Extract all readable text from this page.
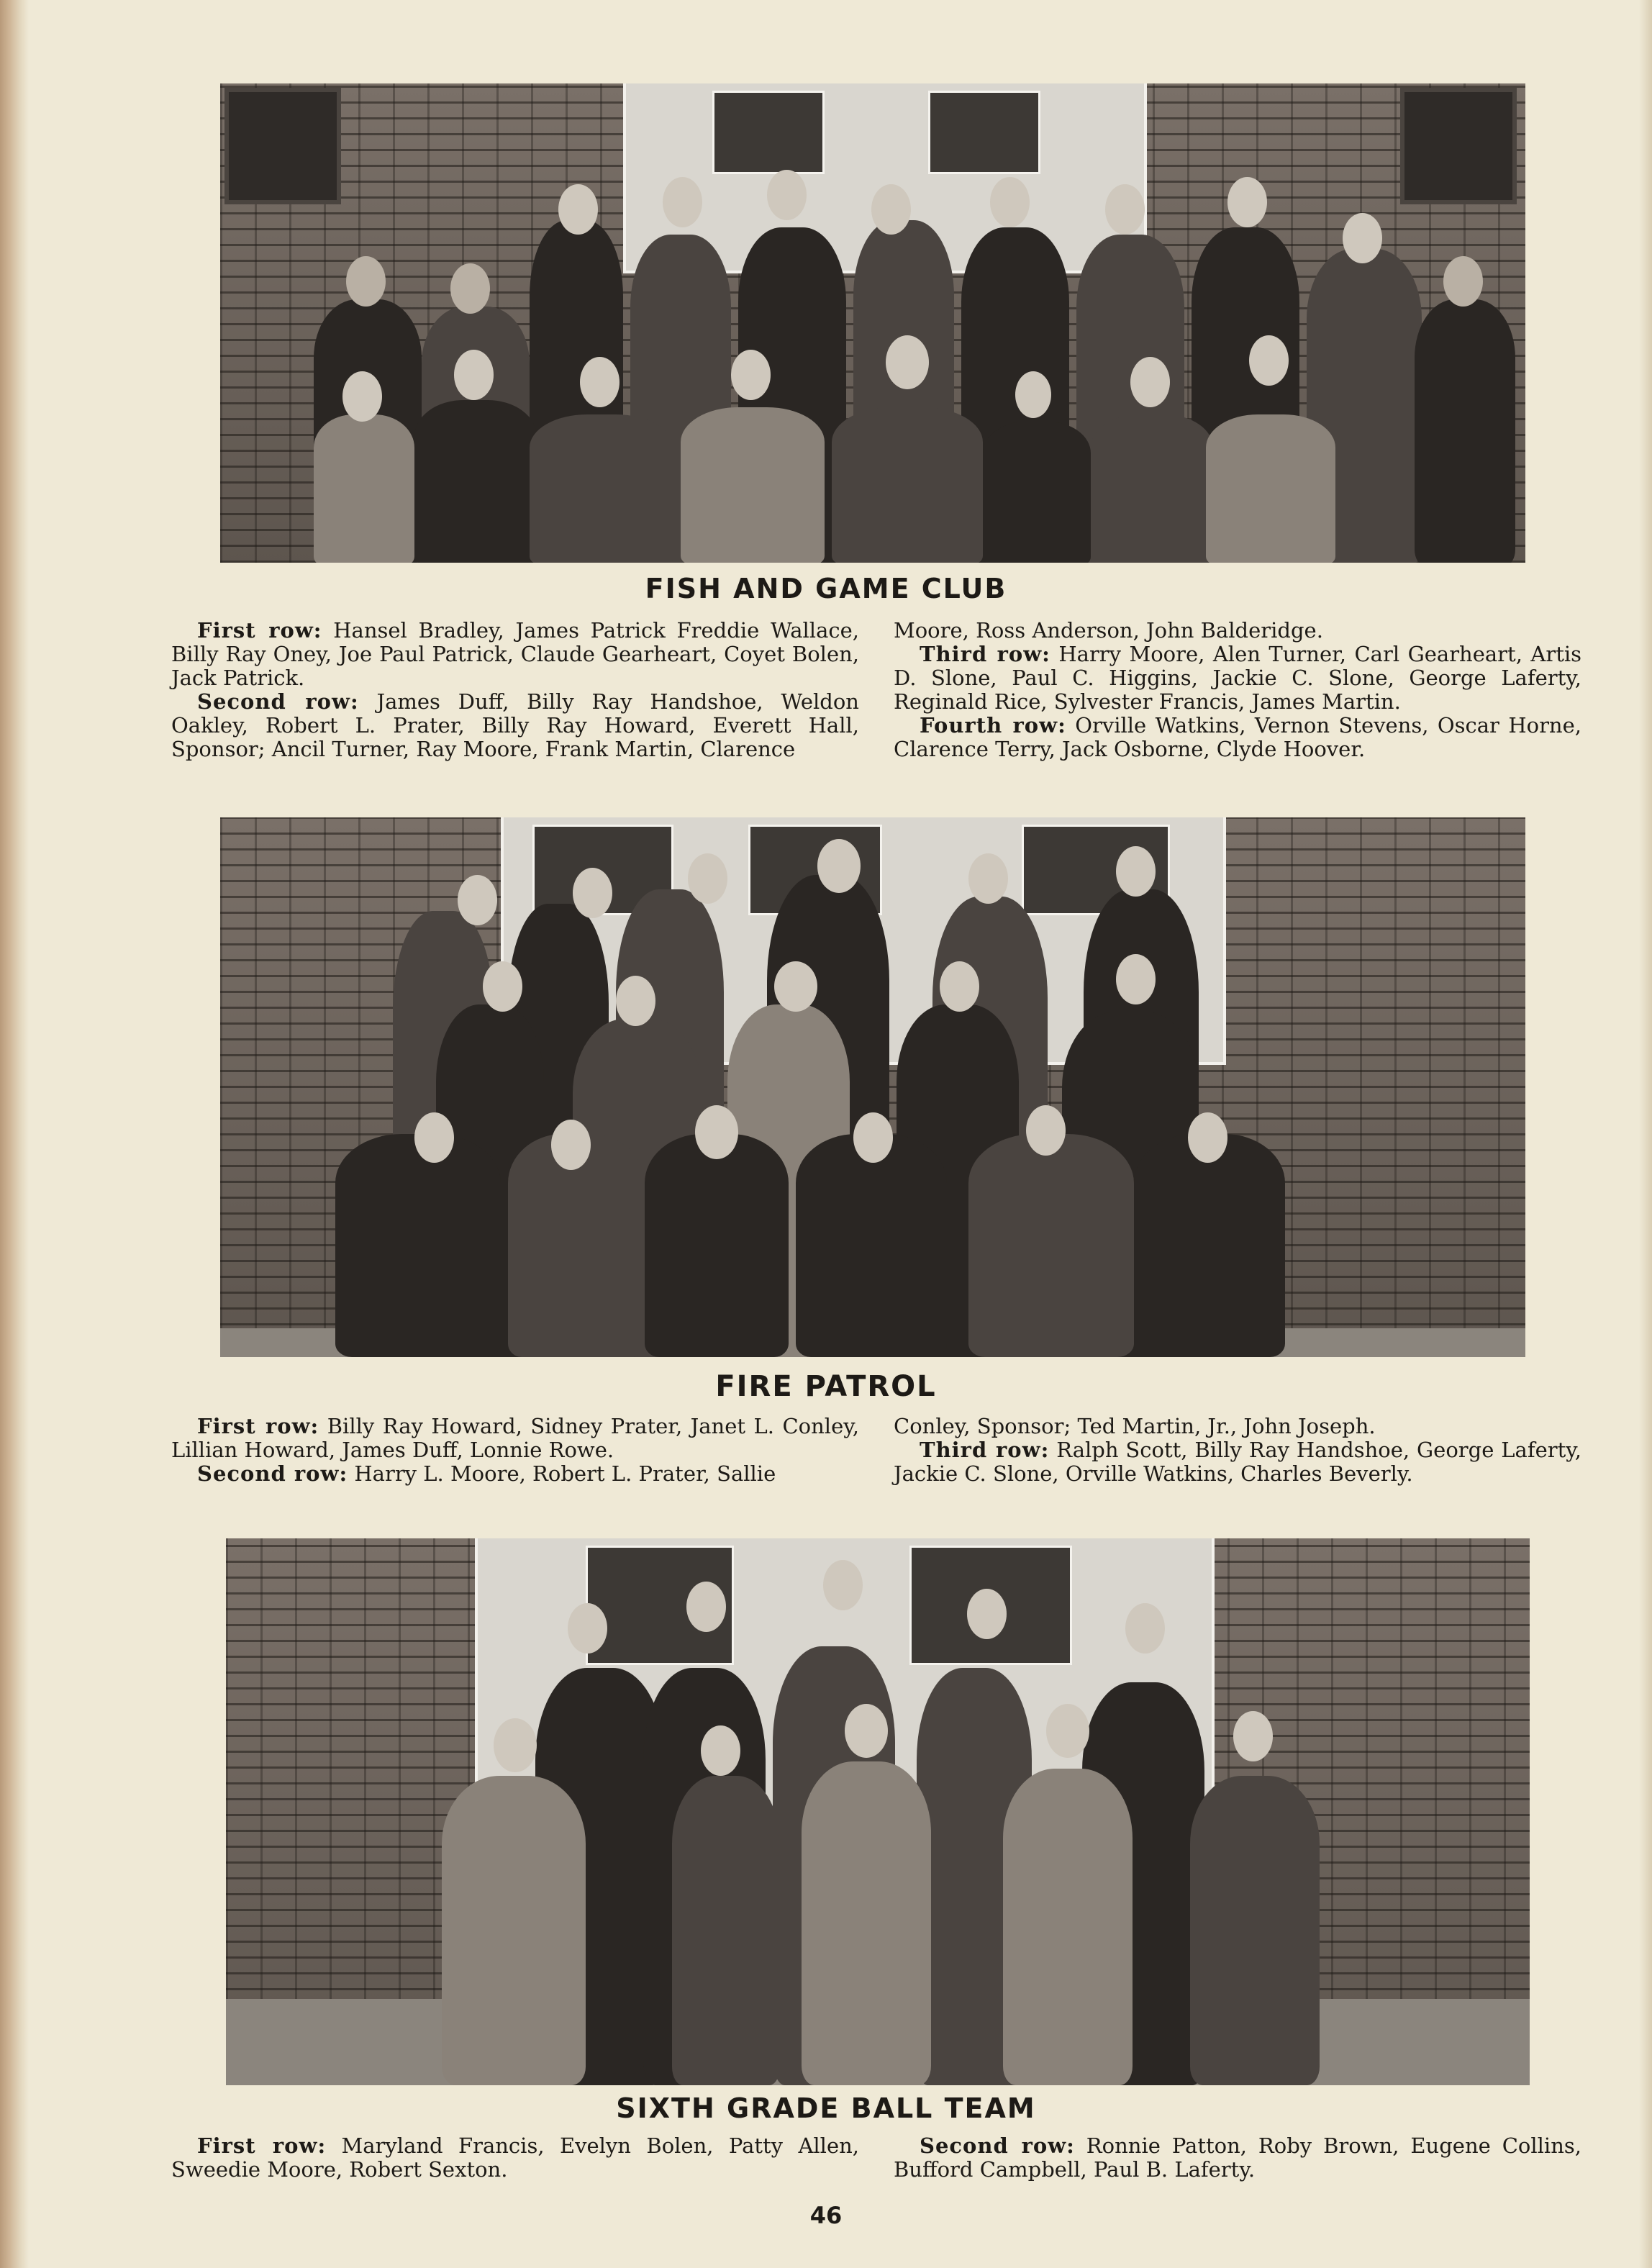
FISH AND GAME CLUB

First row: Hansel Bradley, James Patrick Freddie Wallace, Billy Ray Oney, Joe Paul Patrick, Claude Gearheart, Coyet Bolen, Jack Patrick.

Second row: James Duff, Billy Ray Handshoe, Weldon Oakley, Robert L. Prater, Billy Ray Howard, Everett Hall, Sponsor; Ancil Turner, Ray Moore, Frank Martin, Clarence

Moore, Ross Anderson, John Balderidge.

Third row: Harry Moore, Alen Turner, Carl Gearheart, Artis D. Slone, Paul C. Higgins, Jackie C. Slone, George Laferty, Reginald Rice, Sylvester Francis, James Martin.

Fourth row: Orville Watkins, Vernon Stevens, Oscar Horne, Clarence Terry, Jack Osborne, Clyde Hoover.

FIRE PATROL

First row: Billy Ray Howard, Sidney Prater, Janet L. Conley, Lillian Howard, James Duff, Lonnie Rowe.

Second row: Harry L. Moore, Robert L. Prater, Sallie

Conley, Sponsor; Ted Martin, Jr., John Joseph.

Third row: Ralph Scott, Billy Ray Handshoe, George Laferty, Jackie C. Slone, Orville Watkins, Charles Beverly.

SIXTH GRADE BALL TEAM

First row: Maryland Francis, Evelyn Bolen, Patty Allen, Sweedie Moore, Robert Sexton.

Second row: Ronnie Patton, Roby Brown, Eugene Collins, Bufford Campbell, Paul B. Laferty.

46
